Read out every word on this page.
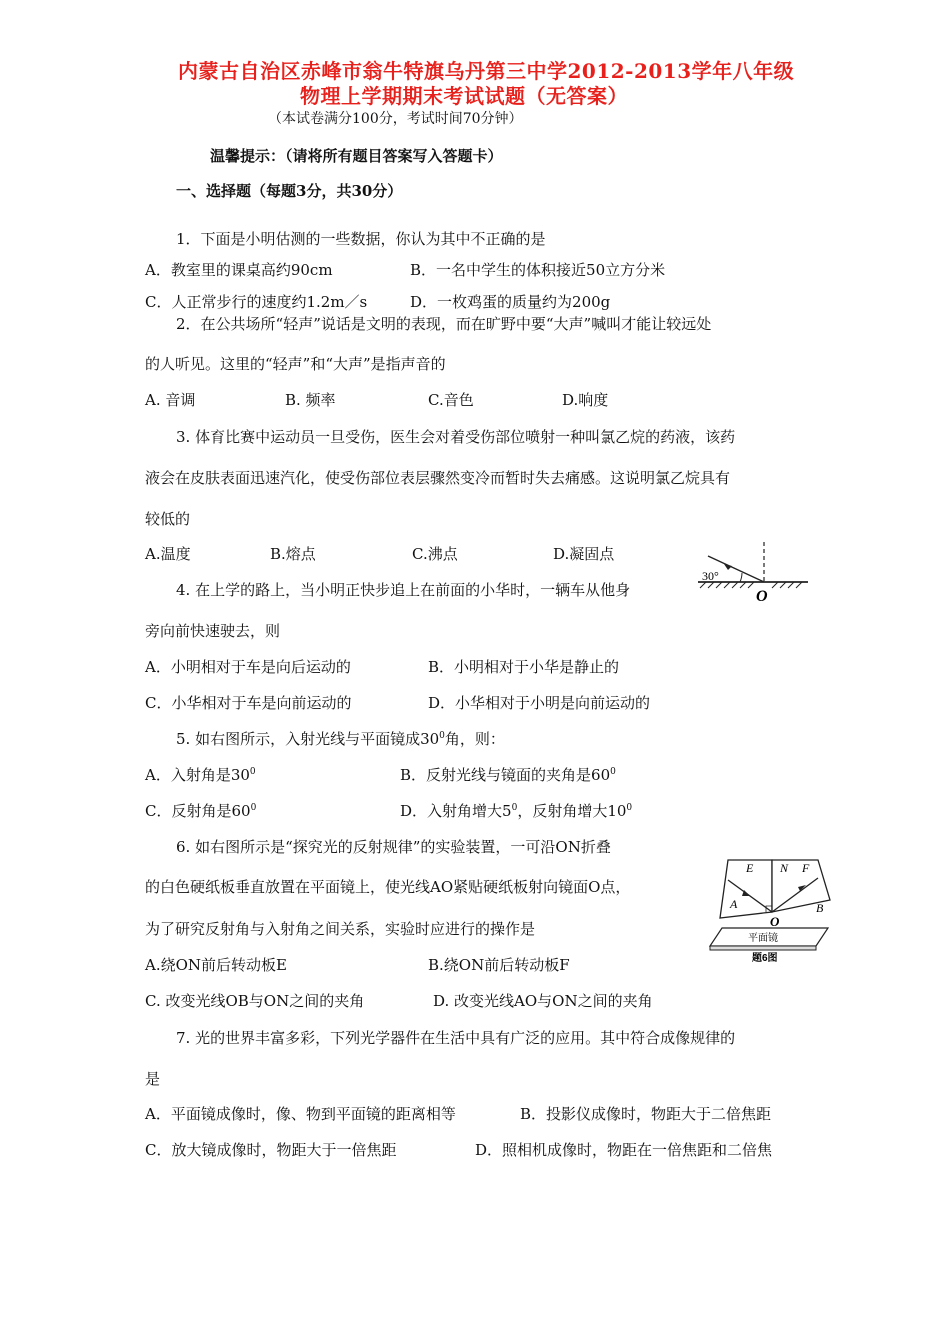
内蒙古自治区赤峰市翁牛特旗乌丹第三中学2012-2013学年八年级
物理上学期期末考试试题（无答案）
（本试卷满分100分，考试时间70分钟）
温馨提示：（请将所有题目答案写入答题卡）
一、选择题（每题3分，共30分）
1．下面是小明估测的一些数据，你认为其中不正确的是
A．教室里的课桌高约90cm	B．一名中学生的体积接近50立方分米
C．人正常步行的速度约1.2m／s	D．一枚鸡蛋的质量约为200g
2．在公共场所“轻声”说话是文明的表现，而在旷野中要“大声”喊叫才能让较远处
的人听见。这里的“轻声”和“大声”是指声音的
A. 音调	B. 频率	C.音色	D.响度
3. 体育比赛中运动员一旦受伤，医生会对着受伤部位喷射一种叫氯乙烷的药液，该药
液会在皮肤表面迅速汽化，使受伤部位表层骤然变冷而暂时失去痛感。这说明氯乙烷具有
较低的
A.温度	B.熔点	C.沸点	D.凝固点
30°
O
4. 在上学的路上，当小明正快步追上在前面的小华时，一辆车从他身
旁向前快速驶去，则
A．小明相对于车是向后运动的	B．小明相对于小华是静止的
C．小华相对于车是向前运动的	D．小华相对于小明是向前运动的
5. 如右图所示，入射光线与平面镜成$30^0$角，则：
A．入射角是$30^0$	B．反射光线与镜面的夹角是$60^0$
C．反射角是$60^0$	D．入射角增大$5^0$，反射角增大$10^0$
E N F
A	B
O
平面镜
题6图
6. 如右图所示是“探究光的反射规律”的实验装置，一可沿ON折叠
的白色硬纸板垂直放置在平面镜上，使光线AO紧贴硬纸板射向镜面O点，
为了研究反射角与入射角之间关系，实验时应进行的操作是
A.绕ON前后转动板E	B.绕ON前后转动板F
C. 改变光线OB与ON之间的夹角	D. 改变光线AO与ON之间的夹角
7. 光的世界丰富多彩，下列光学器件在生活中具有广泛的应用。其中符合成像规律的
是
A．平面镜成像时，像、物到平面镜的距离相等	B．投影仪成像时，物距大于二倍焦距
C．放大镜成像时，物距大于一倍焦距	D．照相机成像时，物距在一倍焦距和二倍焦
